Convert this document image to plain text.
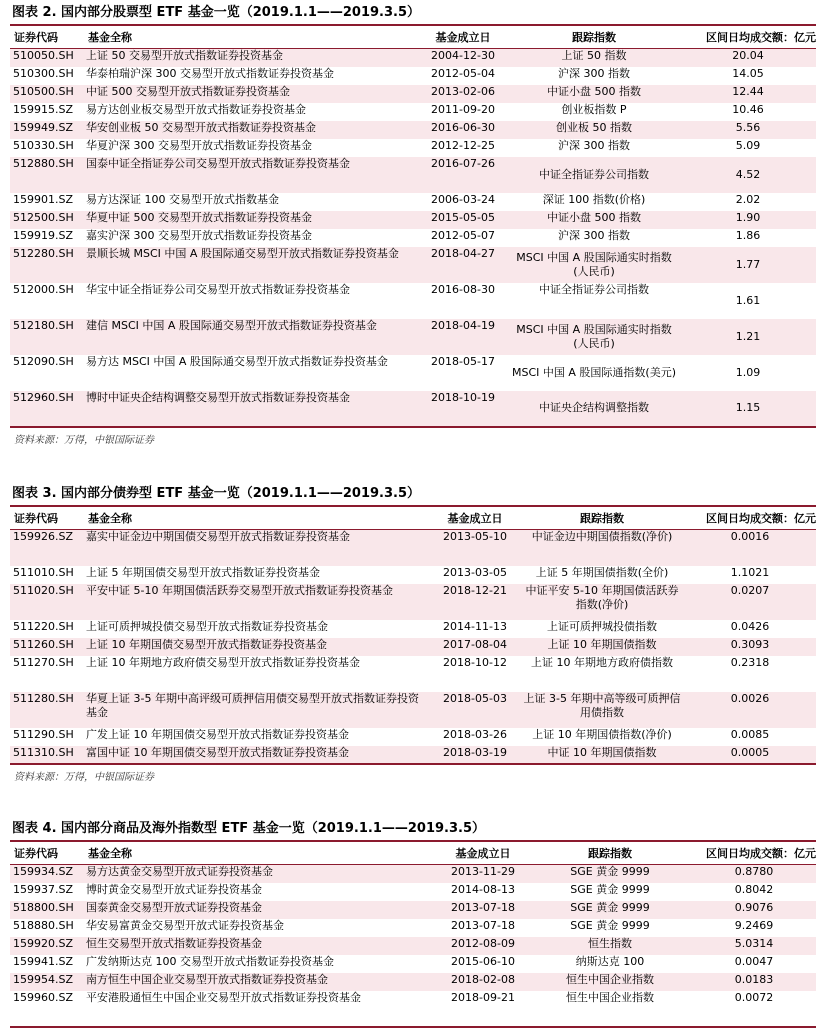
图表 2. 国内部分股票型 ETF 基金一览（2019.1.1——2019.3.5）
证券代码	基金全称	基金成立日	跟踪指数	区间日均成交额：亿元
510050.SH	上证 50 交易型开放式指数证券投资基金	2004-12-30	上证 50 指数	20.04
510300.SH	华泰柏瑞沪深 300 交易型开放式指数证券投资基金	2012-05-04	沪深 300 指数	14.05
510500.SH	中证 500 交易型开放式指数证券投资基金	2013-02-06	中证小盘 500 指数	12.44
159915.SZ	易方达创业板交易型开放式指数证券投资基金	2011-09-20	创业板指数 P	10.46
159949.SZ	华安创业板 50 交易型开放式指数证券投资基金	2016-06-30	创业板 50 指数	5.56
510330.SH	华夏沪深 300 交易型开放式指数证券投资基金	2012-12-25	沪深 300 指数	5.09
512880.SH	国泰中证全指证券公司交易型开放式指数证券投资基金	2016-07-26	中证全指证券公司指数	4.52
159901.SZ	易方达深证 100 交易型开放式指数基金	2006-03-24	深证 100 指数(价格)	2.02
512500.SH	华夏中证 500 交易型开放式指数证券投资基金	2015-05-05	中证小盘 500 指数	1.90
159919.SZ	嘉实沪深 300 交易型开放式指数证券投资基金	2012-05-07	沪深 300 指数	1.86
512280.SH	景顺长城 MSCI 中国 A 股国际通交易型开放式指数证券投资基金	2018-04-27	MSCI 中国 A 股国际通实时指数(人民币)	1.77
512000.SH	华宝中证全指证券公司交易型开放式指数证券投资基金	2016-08-30	中证全指证券公司指数	1.61
512180.SH	建信 MSCI 中国 A 股国际通交易型开放式指数证券投资基金	2018-04-19	MSCI 中国 A 股国际通实时指数(人民币)	1.21
512090.SH	易方达 MSCI 中国 A 股国际通交易型开放式指数证券投资基金	2018-05-17	MSCI 中国 A 股国际通指数(美元)	1.09
512960.SH	博时中证央企结构调整交易型开放式指数证券投资基金	2018-10-19	中证央企结构调整指数	1.15
资料来源：万得，中银国际证券
图表 3. 国内部分债券型 ETF 基金一览（2019.1.1——2019.3.5）
证券代码	基金全称	基金成立日	跟踪指数	区间日均成交额：亿元
159926.SZ	嘉实中证金边中期国债交易型开放式指数证券投资基金	2013-05-10	中证金边中期国债指数(净价)	0.0016
511010.SH	上证 5 年期国债交易型开放式指数证券投资基金	2013-03-05	上证 5 年期国债指数(全价)	1.1021
511020.SH	平安中证 5-10 年期国债活跃券交易型开放式指数证券投资基金	2018-12-21	中证平安 5-10 年期国债活跃券指数(净价)	0.0207
511220.SH	上证可质押城投债交易型开放式指数证券投资基金	2014-11-13	上证可质押城投债指数	0.0426
511260.SH	上证 10 年期国债交易型开放式指数证券投资基金	2017-08-04	上证 10 年期国债指数	0.3093
511270.SH	上证 10 年期地方政府债交易型开放式指数证券投资基金	2018-10-12	上证 10 年期地方政府债指数	0.2318
511280.SH	华夏上证 3-5 年期中高评级可质押信用债交易型开放式指数证券投资基金	2018-05-03	上证 3-5 年期中高等级可质押信用债指数	0.0026
511290.SH	广发上证 10 年期国债交易型开放式指数证券投资基金	2018-03-26	上证 10 年期国债指数(净价)	0.0085
511310.SH	富国中证 10 年期国债交易型开放式指数证券投资基金	2018-03-19	中证 10 年期国债指数	0.0005
资料来源：万得，中银国际证券
图表 4. 国内部分商品及海外指数型 ETF 基金一览（2019.1.1——2019.3.5）
证券代码	基金全称	基金成立日	跟踪指数	区间日均成交额：亿元
159934.SZ	易方达黄金交易型开放式证券投资基金	2013-11-29	SGE 黄金 9999	0.8780
159937.SZ	博时黄金交易型开放式证券投资基金	2014-08-13	SGE 黄金 9999	0.8042
518800.SH	国泰黄金交易型开放式证券投资基金	2013-07-18	SGE 黄金 9999	0.9076
518880.SH	华安易富黄金交易型开放式证券投资基金	2013-07-18	SGE 黄金 9999	9.2469
159920.SZ	恒生交易型开放式指数证券投资基金	2012-08-09	恒生指数	5.0314
159941.SZ	广发纳斯达克 100 交易型开放式指数证券投资基金	2015-06-10	纳斯达克 100	0.0047
159954.SZ	南方恒生中国企业交易型开放式指数证券投资基金	2018-02-08	恒生中国企业指数	0.0183
159960.SZ	平安港股通恒生中国企业交易型开放式指数证券投资基金	2018-09-21	恒生中国企业指数	0.0072
